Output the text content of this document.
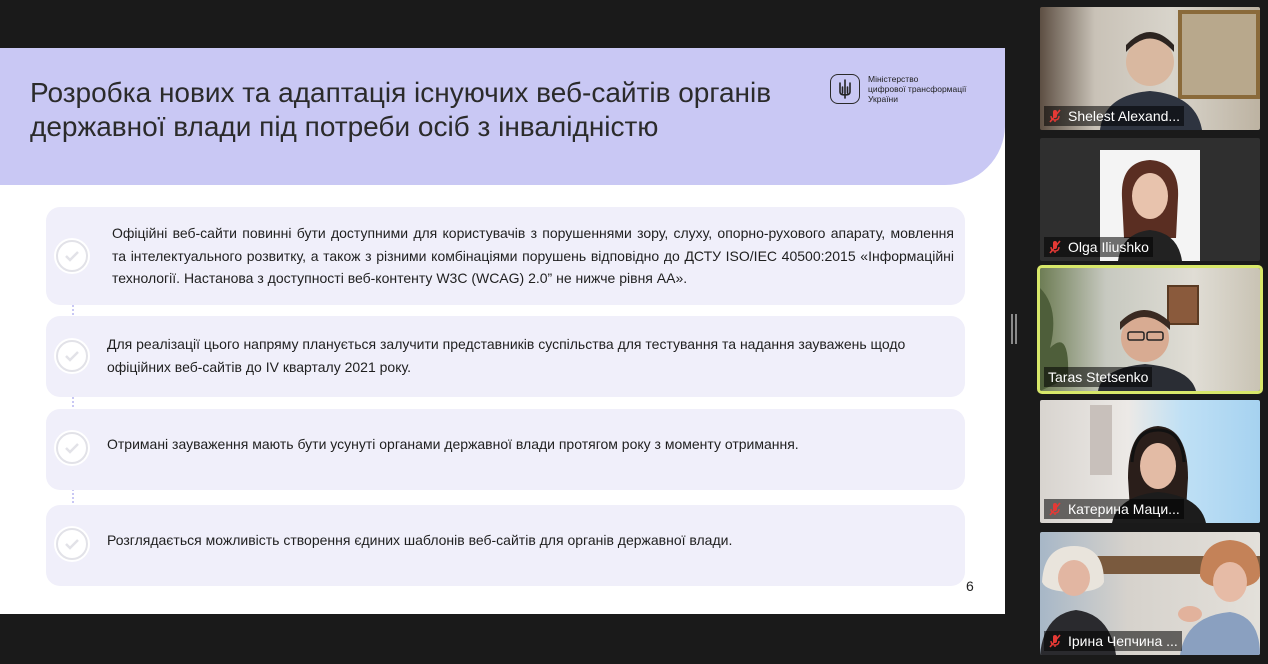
Розробка нових та адаптація існуючих веб-сайтів органів державної влади під потреби осіб з інвалідністю
Міністерство
цифрової трансформації
України

Офіційні веб-сайти повинні бути доступними для користувачів з порушеннями зору, слуху, опорно-рухового апарату, мовлення та інтелектуального розвитку, а також з різними комбінаціями порушень відповідно до ДСТУ ISO/IEC 40500:2015 «Інформаційні технології. Настанова з доступності веб-контенту W3C (WCAG) 2.0” не нижче рівня АА».

Для реалізації цього напряму планується залучити представників суспільства для тестування та надання зауважень щодо офіційних веб-сайтів до IV кварталу 2021 року.

Отримані зауваження мають бути усунуті органами державної влади протягом року з моменту отримання.

Розглядається можливість створення єдиних шаблонів веб-сайтів для органів державної влади.

6
Shelest Alexand...
Olga Iliushko
Taras Stetsenko
Катерина Маци...
Ірина Чепчина ...
